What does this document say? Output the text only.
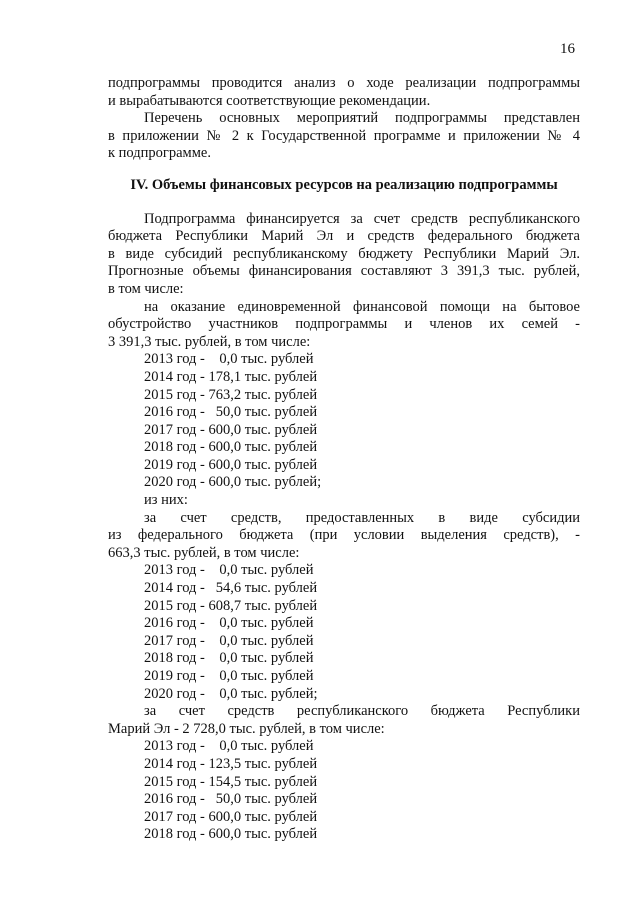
16

подпрограммы проводится анализ о ходе реализации подпрограммы

и вырабатываются соответствующие рекомендации.

Перечень основных мероприятий подпрограммы представлен

в приложении № 2 к Государственной программе и приложении № 4

к подпрограмме.

IV. Объемы финансовых ресурсов на реализацию подпрограммы

Подпрограмма финансируется за счет средств республиканского

бюджета Республики Марий Эл и средств федерального бюджета

в виде субсидий республиканскому бюджету Республики Марий Эл.

Прогнозные объемы финансирования составляют 3 391,3 тыс. рублей,

в том числе:

на оказание единовременной финансовой помощи на бытовое

обустройство участников подпрограммы и членов их семей -

3 391,3 тыс. рублей, в том числе:

2013 год -    0,0 тыс. рублей
2014 год - 178,1 тыс. рублей
2015 год - 763,2 тыс. рублей
2016 год -   50,0 тыс. рублей
2017 год - 600,0 тыс. рублей
2018 год - 600,0 тыс. рублей
2019 год - 600,0 тыс. рублей
2020 год - 600,0 тыс. рублей;

из них:

за счет средств, предоставленных в виде субсидии

из федерального бюджета (при условии выделения средств), -

663,3 тыс. рублей, в том числе:

2013 год -    0,0 тыс. рублей
2014 год -   54,6 тыс. рублей
2015 год - 608,7 тыс. рублей
2016 год -    0,0 тыс. рублей
2017 год -    0,0 тыс. рублей
2018 год -    0,0 тыс. рублей
2019 год -    0,0 тыс. рублей
2020 год -    0,0 тыс. рублей;

за счет средств республиканского бюджета Республики

Марий Эл - 2 728,0 тыс. рублей, в том числе:

2013 год -    0,0 тыс. рублей
2014 год - 123,5 тыс. рублей
2015 год - 154,5 тыс. рублей
2016 год -   50,0 тыс. рублей
2017 год - 600,0 тыс. рублей
2018 год - 600,0 тыс. рублей
